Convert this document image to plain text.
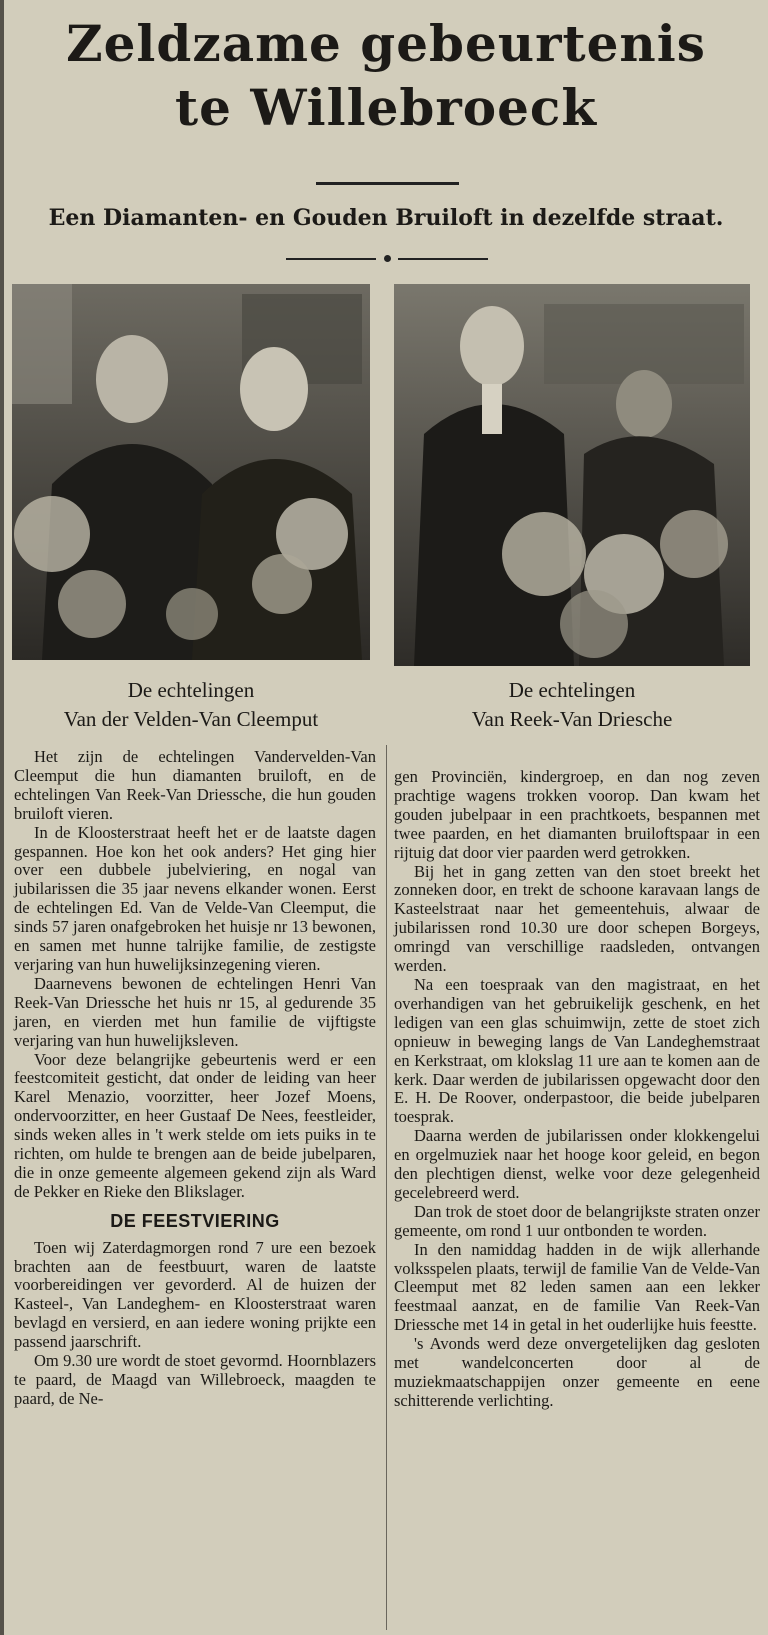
Zeldzame gebeurtenis
te Willebroeck
Een Diamanten- en Gouden Bruiloft in dezelfde straat.
De echtelingen
Van der Velden-Van Cleemput
De echtelingen
Van Reek-Van Driesche

Het zijn de echtelingen Vandervelden-Van Cleemput die hun diamanten bruiloft, en de echtelingen Van Reek-Van Driessche, die hun gouden bruiloft vieren.

In de Kloosterstraat heeft het er de laatste dagen gespannen. Hoe kon het ook anders? Het ging hier over een dubbele jubelviering, en nogal van jubilarissen die 35 jaar nevens elkander wonen. Eerst de echtelingen Ed. Van de Velde-Van Cleemput, die sinds 57 jaren onafgebroken het huisje nr 13 bewonen, en samen met hunne talrijke familie, de zestigste verjaring van hun huwelijksinzegening vieren.

Daarnevens bewonen de echtelingen Henri Van Reek-Van Driessche het huis nr 15, al gedurende 35 jaren, en vierden met hun familie de vijftigste verjaring van hun huwelijksleven.

Voor deze belangrijke gebeurtenis werd er een feestcomiteit gesticht, dat onder de leiding van heer Karel Menazio, voorzitter, heer Jozef Moens, ondervoorzitter, en heer Gustaaf De Nees, feestleider, sinds weken alles in 't werk stelde om iets puiks in te richten, om hulde te brengen aan de beide jubelparen, die in onze gemeente algemeen gekend zijn als Ward de Pekker en Rieke den Blikslager.

DE FEESTVIERING

Toen wij Zaterdagmorgen rond 7 ure een bezoek brachten aan de feestbuurt, waren de laatste voorbereidingen ver gevorderd. Al de huizen der Kasteel-, Van Landeghem- en Kloosterstraat waren bevlagd en versierd, en aan iedere woning prijkte een passend jaarschrift.

Om 9.30 ure wordt de stoet gevormd. Hoornblazers te paard, de Maagd van Willebroeck, maagden te paard, de Ne-

gen Provinciën, kindergroep, en dan nog zeven prachtige wagens trokken voorop. Dan kwam het gouden jubelpaar in een prachtkoets, bespannen met twee paarden, en het diamanten bruiloftspaar in een rijtuig dat door vier paarden werd getrokken.

Bij het in gang zetten van den stoet breekt het zonneken door, en trekt de schoone karavaan langs de Kasteelstraat naar het gemeentehuis, alwaar de jubilarissen rond 10.30 ure door schepen Borgeys, omringd van verschillige raadsleden, ontvangen werden.

Na een toespraak van den magistraat, en het overhandigen van het gebruikelijk geschenk, en het ledigen van een glas schuimwijn, zette de stoet zich opnieuw in beweging langs de Van Landeghemstraat en Kerkstraat, om klokslag 11 ure aan te komen aan de kerk. Daar werden de jubilarissen opgewacht door den E. H. De Roover, onderpastoor, die beide jubelparen toesprak.

Daarna werden de jubilarissen onder klokkengelui en orgelmuziek naar het hooge koor geleid, en begon den plechtigen dienst, welke voor deze gelegenheid gecelebreerd werd.

Dan trok de stoet door de belangrijkste straten onzer gemeente, om rond 1 uur ontbonden te worden.

In den namiddag hadden in de wijk allerhande volksspelen plaats, terwijl de familie Van de Velde-Van Cleemput met 82 leden samen aan een lekker feestmaal aanzat, en de familie Van Reek-Van Driessche met 14 in getal in het ouderlijke huis feestte.

's Avonds werd deze onvergetelijken dag gesloten met wandelconcerten door al de muziekmaatschappijen onzer gemeente en eene schitterende verlichting.
